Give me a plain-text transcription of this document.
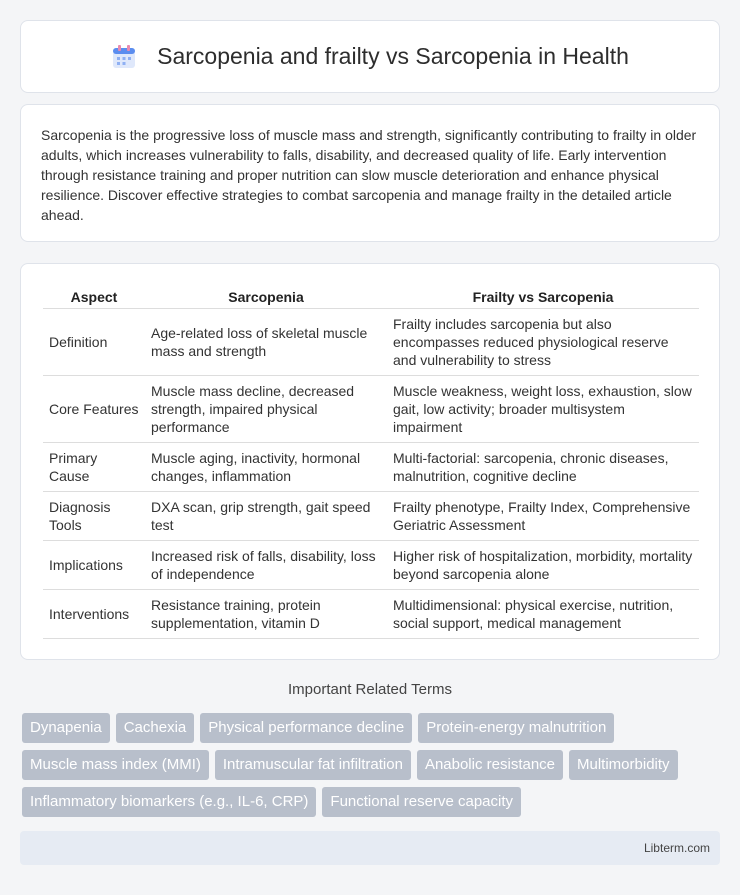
Sarcopenia and frailty vs Sarcopenia in Health

Sarcopenia is the progressive loss of muscle mass and strength, significantly contributing to frailty in older adults, which increases vulnerability to falls, disability, and decreased quality of life. Early intervention through resistance training and proper nutrition can slow muscle deterioration and enhance physical resilience. Discover effective strategies to combat sarcopenia and manage frailty in the detailed article ahead.

Aspect	Sarcopenia	Frailty vs Sarcopenia
Definition	Age-related loss of skeletal muscle mass and strength	Frailty includes sarcopenia but also encompasses reduced physiological reserve and vulnerability to stress
Core Features	Muscle mass decline, decreased strength, impaired physical performance	Muscle weakness, weight loss, exhaustion, slow gait, low activity; broader multisystem impairment
Primary Cause	Muscle aging, inactivity, hormonal changes, inflammation	Multi-factorial: sarcopenia, chronic diseases, malnutrition, cognitive decline
Diagnosis Tools	DXA scan, grip strength, gait speed test	Frailty phenotype, Frailty Index, Comprehensive Geriatric Assessment
Implications	Increased risk of falls, disability, loss of independence	Higher risk of hospitalization, morbidity, mortality beyond sarcopenia alone
Interventions	Resistance training, protein supplementation, vitamin D	Multidimensional: physical exercise, nutrition, social support, medical management
Important Related Terms
Dynapenia	Cachexia	Physical performance decline	Protein-energy malnutrition
Muscle mass index (MMI)	Intramuscular fat infiltration	Anabolic resistance	Multimorbidity
Inflammatory biomarkers (e.g., IL-6, CRP)	Functional reserve capacity
Libterm.com
